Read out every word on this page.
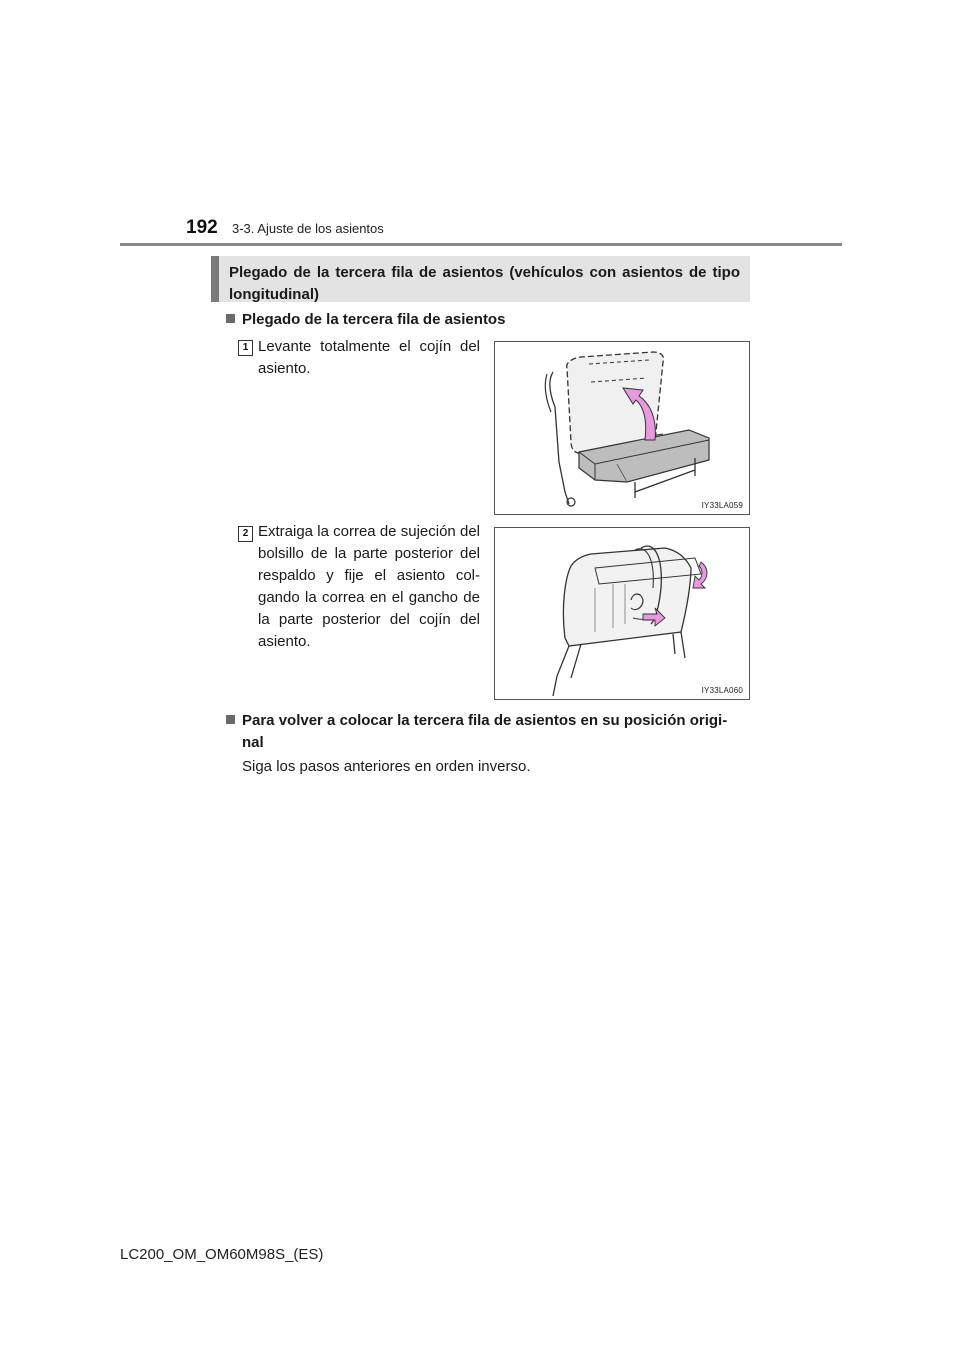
192 3-3. Ajuste de los asientos
Plegado de la tercera fila de asientos (vehículos con asientos de tipo
longitudinal)
Plegado de la tercera fila de asientos
1 Levante totalmente el cojín del asiento.
IY33LA059
2 Extraiga la correa de sujeción del bolsillo de la parte posterior del respaldo y fije el asiento col-gando la correa en el gancho de la parte posterior del cojín del asiento.
IY33LA060
Para volver a colocar la tercera fila de asientos en su posición origi-
nal
Siga los pasos anteriores en orden inverso.
LC200_OM_OM60M98S_(ES)
